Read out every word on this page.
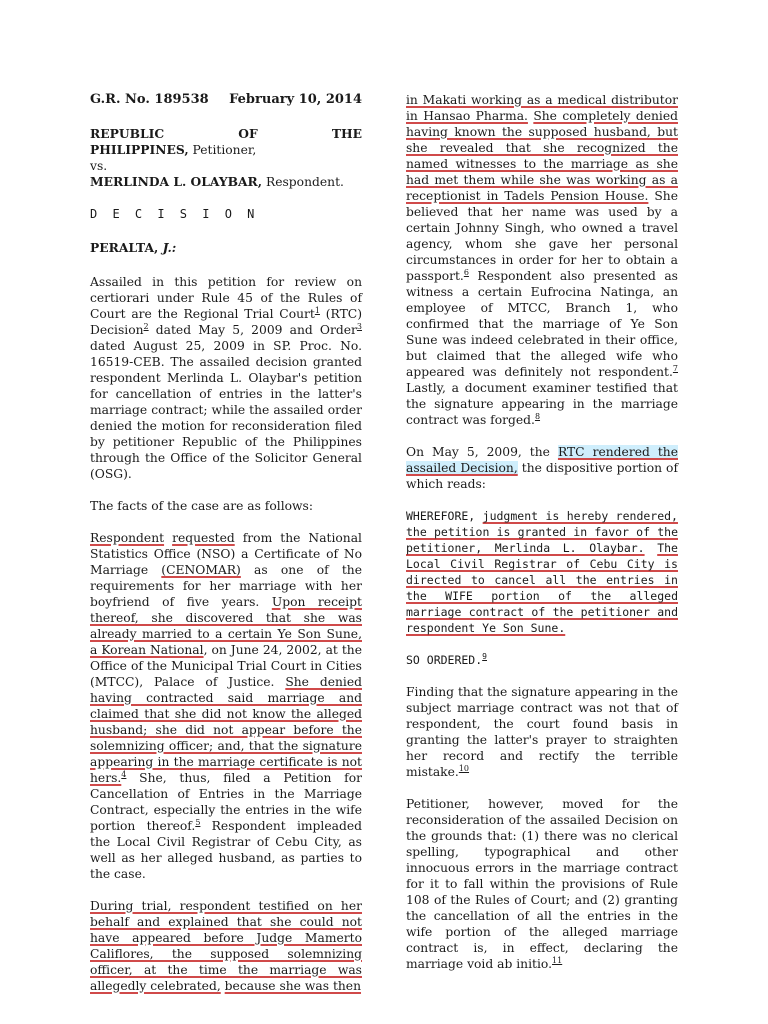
G.R. No. 189538 February 10, 2014
REPUBLIC	OF	THE
PHILIPPINES, Petitioner,
vs.
MERLINDA L. OLAYBAR, Respondent.
D E C I S I O N
PERALTA, J.:

Assailed in this petition for review on certiorari under Rule 45 of the Rules of Court are the Regional Trial Court$^1$ (RTC) Decision$^2$ dated May 5, 2009 and Order$^3$ dated August 25, 2009 in SP. Proc. No. 16519-CEB. The assailed decision granted respondent Merlinda L. Olaybar's petition for cancellation of entries in the latter's marriage contract; while the assailed order denied the motion for reconsideration filed by petitioner Republic of the Philippines through the Office of the Solicitor General (OSG).

The facts of the case are as follows:

Respondent requested from the National Statistics Office (NSO) a Certificate of No Marriage (CENOMAR) as one of the requirements for her marriage with her boyfriend of five years. Upon receipt thereof, she discovered that she was already married to a certain Ye Son Sune, a Korean National, on June 24, 2002, at the Office of the Municipal Trial Court in Cities (MTCC), Palace of Justice. She denied having contracted said marriage and claimed that she did not know the alleged husband; she did not appear before the solemnizing officer; and, that the signature appearing in the marriage certificate is not hers.$^4$ She, thus, filed a Petition for Cancellation of Entries in the Marriage Contract, especially the entries in the wife portion thereof.$^5$ Respondent impleaded the Local Civil Registrar of Cebu City, as well as her alleged husband, as parties to the case.

During trial, respondent testified on her behalf and explained that she could not have appeared before Judge Mamerto Califlores, the supposed solemnizing officer, at the time the marriage was allegedly celebrated, because she was then

in Makati working as a medical distributor in Hansao Pharma. She completely denied having known the supposed husband, but she revealed that she recognized the named witnesses to the marriage as she had met them while she was working as a receptionist in Tadels Pension House. She believed that her name was used by a certain Johnny Singh, who owned a travel agency, whom she gave her personal circumstances in order for her to obtain a passport.$^6$ Respondent also presented as witness a certain Eufrocina Natinga, an employee of MTCC, Branch 1, who confirmed that the marriage of Ye Son Sune was indeed celebrated in their office, but claimed that the alleged wife who appeared was definitely not respondent.$^7$ Lastly, a document examiner testified that the signature appearing in the marriage contract was forged.$^8$

On May 5, 2009, the RTC rendered the assailed Decision, the dispositive portion of which reads:

WHEREFORE, judgment is hereby rendered, the petition is granted in favor of the petitioner, Merlinda L. Olaybar. The Local Civil Registrar of Cebu City is directed to cancel all the entries in the WIFE portion of the alleged marriage contract of the petitioner and respondent Ye Son Sune.

SO ORDERED.$^9$

Finding that the signature appearing in the subject marriage contract was not that of respondent, the court found basis in granting the latter's prayer to straighten her record and rectify the terrible mistake.$^{10}$

Petitioner, however, moved for the reconsideration of the assailed Decision on the grounds that: (1) there was no clerical spelling, typographical and other innocuous errors in the marriage contract for it to fall within the provisions of Rule 108 of the Rules of Court; and (2) granting the cancellation of all the entries in the wife portion of the alleged marriage contract is, in effect, declaring the marriage void ab initio.$^{11}$
